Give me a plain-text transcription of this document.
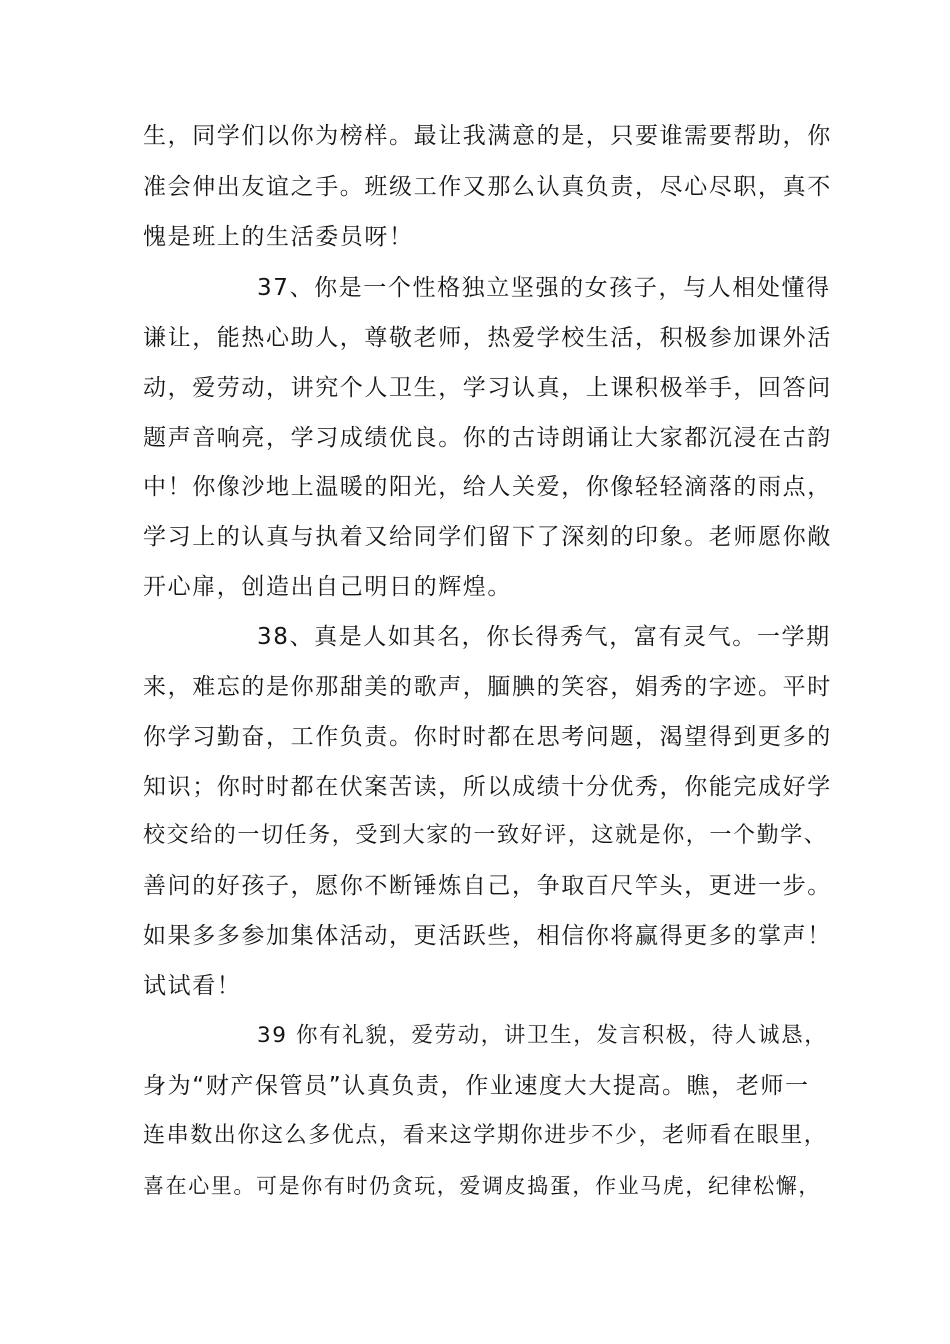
生，同学们以你为榜样。最让我满意的是，只要谁需要帮助，你
准会伸出友谊之手。班级工作又那么认真负责，尽心尽职，真不
愧是班上的生活委员呀！
37、你是一个性格独立坚强的女孩子，与人相处懂得
谦让，能热心助人，尊敬老师，热爱学校生活，积极参加课外活
动，爱劳动，讲究个人卫生，学习认真，上课积极举手，回答问
题声音响亮，学习成绩优良。你的古诗朗诵让大家都沉浸在古韵
中！你像沙地上温暖的阳光，给人关爱，你像轻轻滴落的雨点，
学习上的认真与执着又给同学们留下了深刻的印象。老师愿你敞
开心扉，创造出自己明日的辉煌。
38、真是人如其名，你长得秀气，富有灵气。一学期
来，难忘的是你那甜美的歌声，腼腆的笑容，娟秀的字迹。平时
你学习勤奋，工作负责。你时时都在思考问题，渴望得到更多的
知识；你时时都在伏案苦读，所以成绩十分优秀，你能完成好学
校交给的一切任务，受到大家的一致好评，这就是你，一个勤学、
善问的好孩子，愿你不断锤炼自己，争取百尺竿头，更进一步。
如果多多参加集体活动，更活跃些，相信你将赢得更多的掌声！
试试看！
39 你有礼貌，爱劳动，讲卫生，发言积极，待人诚恳，
身为“财产保管员”认真负责，作业速度大大提高。瞧，老师一
连串数出你这么多优点，看来这学期你进步不少，老师看在眼里，
喜在心里。可是你有时仍贪玩，爱调皮捣蛋，作业马虎，纪律松懈，
